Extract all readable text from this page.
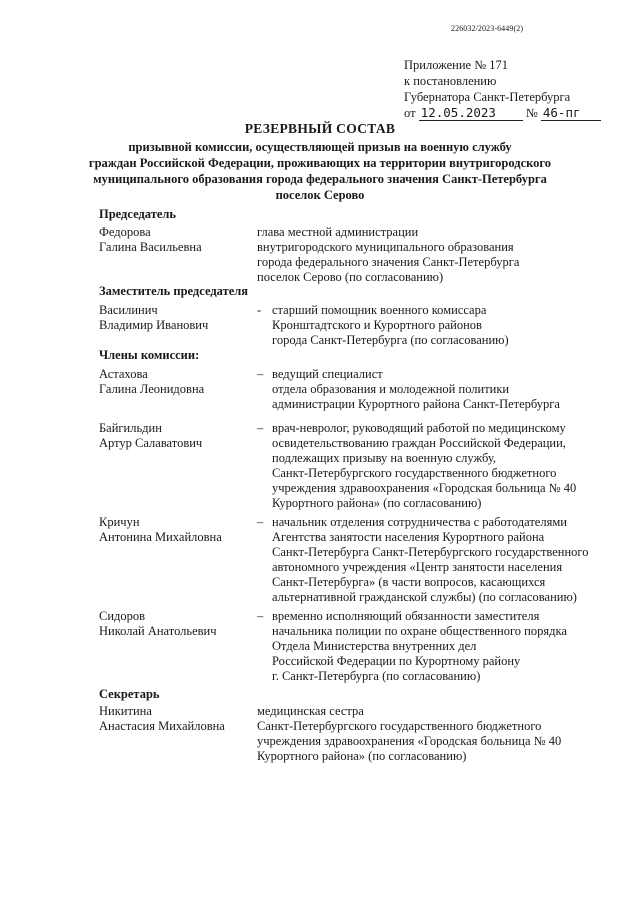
226032/2023-6449(2)
Приложение № 171
к постановлению
Губернатора Санкт-Петербурга
от 12.05.2023 № 46-пг
РЕЗЕРВНЫЙ СОСТАВ
призывной комиссии, осуществляющей призыв на военную службу
граждан Российской Федерации, проживающих на территории внутригородского
муниципального образования города федерального значения Санкт-Петербурга
поселок Серово
Председатель
Федорова
Галина Васильевна
глава местной администрации
внутригородского муниципального образования
города федерального значения Санкт-Петербурга
поселок Серово (по согласованию)
Заместитель председателя
Василинич
Владимир Иванович
- старший помощник военного комиссара
Кронштадтского и Курортного районов
города Санкт-Петербурга (по согласованию)
Члены комиссии:
Астахова
Галина Леонидовна
– ведущий специалист
отдела образования и молодежной политики
администрации Курортного района Санкт-Петербурга
Байгильдин
Артур Салаватович
– врач-невролог, руководящий работой по медицинскому
освидетельствованию граждан Российской Федерации,
подлежащих призыву на военную службу,
Санкт-Петербургского государственного бюджетного
учреждения здравоохранения «Городская больница № 40
Курортного района» (по согласованию)
Кричун
Антонина Михайловна
– начальник отделения сотрудничества с работодателями
Агентства занятости населения Курортного района
Санкт-Петербурга Санкт-Петербургского государственного
автономного учреждения «Центр занятости населения
Санкт-Петербурга» (в части вопросов, касающихся
альтернативной гражданской службы) (по согласованию)
Сидоров
Николай Анатольевич
– временно исполняющий обязанности заместителя
начальника полиции по охране общественного порядка
Отдела Министерства внутренних дел
Российской Федерации по Курортному району
г. Санкт-Петербурга (по согласованию)
Секретарь
Никитина
Анастасия Михайловна
медицинская сестра
Санкт-Петербургского государственного бюджетного
учреждения здравоохранения «Городская больница № 40
Курортного района» (по согласованию)
